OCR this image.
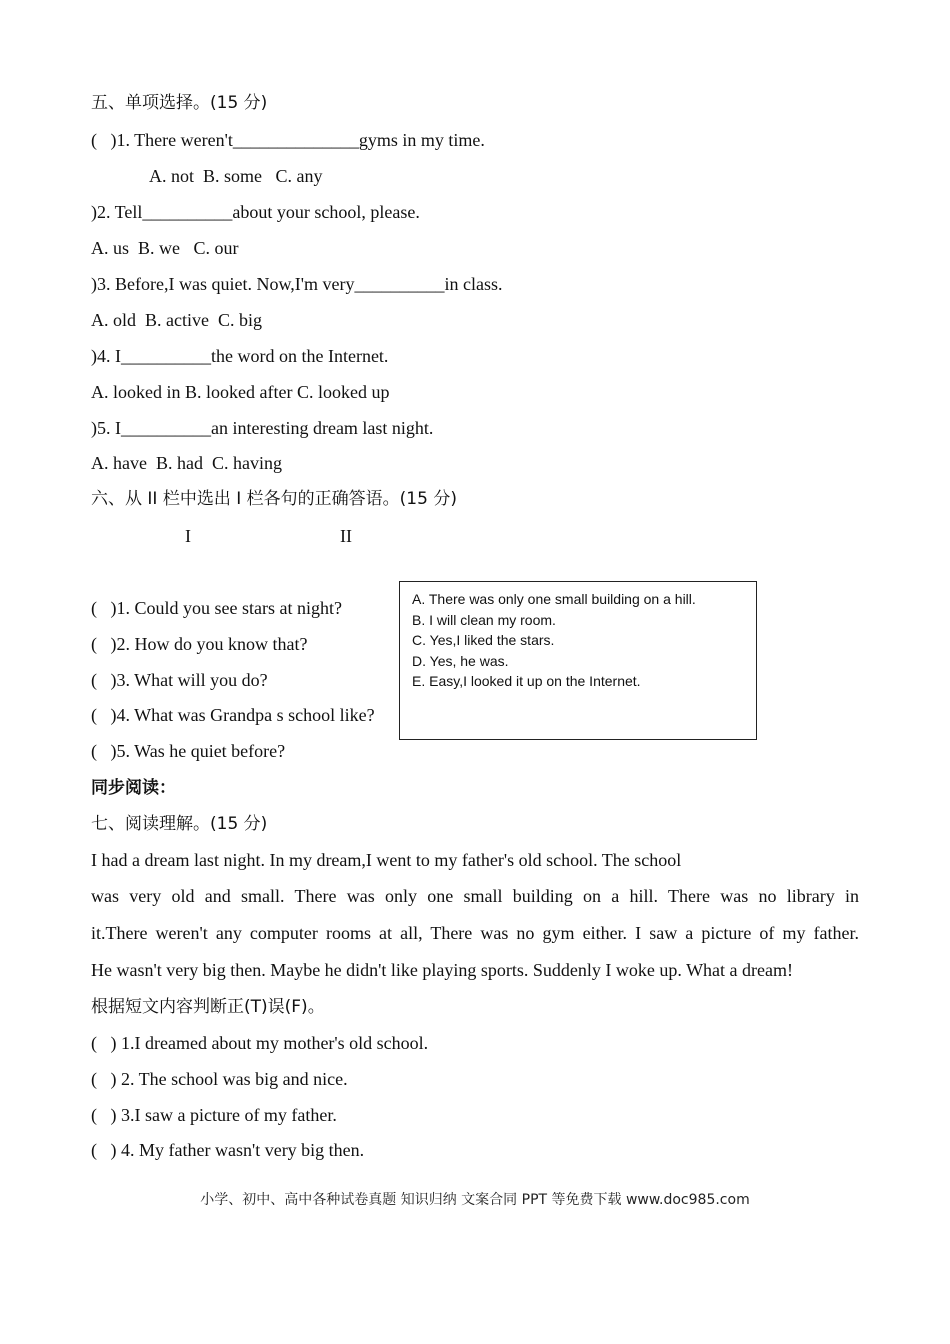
五、单项选择。(15 分)
(   )1. There weren't______________gyms in my time.
A. not  B. some   C. any
)2. Tell__________about your school, please.
A. us  B. we   C. our
)3. Before,I was quiet. Now,I'm very__________in class.
A. old  B. active  C. big
)4. I__________the word on the Internet.
A. looked in B. looked after C. looked up
)5. I__________an interesting dream last night.
A. have  B. had  C. having
六、从 II 栏中选出 I 栏各句的正确答语。(15 分)
I	II
(   )1. Could you see stars at night?
(   )2. How do you know that?
(   )3. What will you do?
(   )4. What was Grandpa s school like?
(   )5. Was he quiet before?
A. There was only one small building on a hill.
B. I will clean my room.
C. Yes,I liked the stars.
D. Yes, he was.
E. Easy,I looked it up on the Internet.
同步阅读：
七、阅读理解。(15 分)
I had a dream last night. In my dream,I went to my father's old school. The school
was very old and small. There was only one small building on a hill. There was no library in
it.There weren't any computer rooms at all, There was no gym either. I saw a picture of my father.
He wasn't very big then. Maybe he didn't like playing sports. Suddenly I woke up. What a dream!
根据短文内容判断正(T)误(F)。
(   ) 1.I dreamed about my mother's old school.
(   ) 2. The school was big and nice.
(   ) 3.I saw a picture of my father.
(   ) 4. My father wasn't very big then.
小学、初中、高中各种试卷真题 知识归纳 文案合同 PPT 等免费下载 www.doc985.com
